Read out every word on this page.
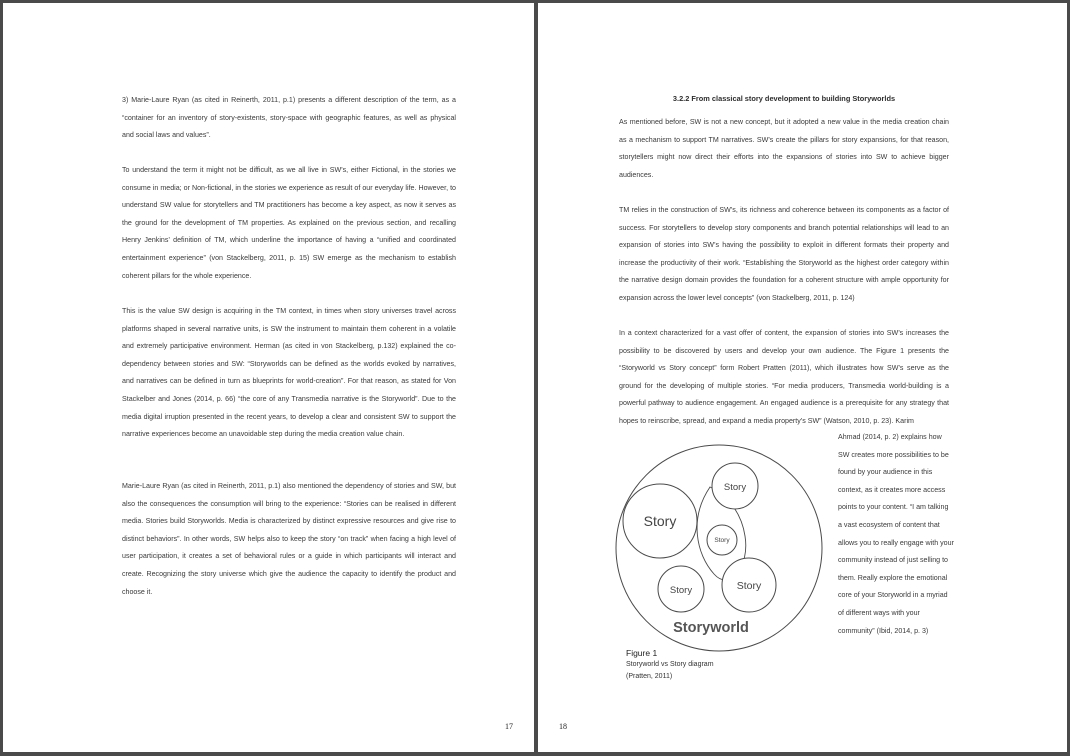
3) Marie-Laure Ryan (as cited in Reinerth, 2011, p.1) presents a different description of the term, as a “container for an inventory of story-existents, story-space with geographic features, as well as physical and social laws and values”.

To understand the term it might not be difficult, as we all live in SW’s, either Fictional, in the stories we consume in media; or Non-fictional, in the stories we experience as result of our everyday life. However, to understand SW value for storytellers and TM practitioners has become a key aspect, as now it serves as the ground for the development of TM properties. As explained on the previous section, and recalling Henry Jenkins’ definition of TM, which underline the importance of having a “unified and coordinated entertainment experience” (von Stackelberg, 2011, p. 15) SW emerge as the mechanism to establish coherent pillars for the whole experience.

This is the value SW design is acquiring in the TM context, in times when story universes travel across platforms shaped in several narrative units, is SW the instrument to maintain them coherent in a volatile and extremely participative environment. Herman (as cited in von Stackelberg, p.132) explained the co-dependency between stories and SW: “Storyworlds can be defined as the worlds evoked by narratives, and narratives can be defined in turn as blueprints for world-creation”. For that reason, as stated for Von Stackelber and Jones (2014, p. 66) “the core of any Transmedia narrative is the Storyworld”. Due to the media digital irruption presented in the recent years, to develop a clear and consistent SW to support the narrative experiences become an unavoidable step during the media creation value chain.

Marie-Laure Ryan (as cited in Reinerth, 2011, p.1) also mentioned the dependency of stories and SW, but also the consequences the consumption will bring to the experience: “Stories can be realised in different media. Stories build Storyworlds. Media is characterized by distinct expressive resources and give rise to distinct behaviors”. In other words, SW helps also to keep the story “on track” when facing a high level of user participation, it creates a set of behavioral rules or a guide in which participants will interact and create. Recognizing the story universe which give the audience the capacity to identify the product and choose it.

17

3.2.2 From classical story development to building Storyworlds

As mentioned before, SW is not a new concept, but it adopted a new value in the media creation chain as a mechanism to support TM narratives. SW’s create the pillars for story expansions, for that reason, storytellers might now direct their efforts into the expansions of stories into SW to achieve bigger audiences.

TM relies in the construction of SW’s, its richness and coherence between its components as a factor of success. For storytellers to develop story components and branch potential relationships will lead to an expansion of stories into SW’s having the possibility to exploit in different formats their property and increase the productivity of their work. “Establishing the Storyworld as the highest order category within the narrative design domain provides the foundation for a coherent structure with ample opportunity for expansion across the lower level concepts” (von Stackelberg, 2011, p. 124)

In a context characterized for a vast offer of content, the expansion of stories into SW’s increases the possibility to be discovered by users and develop your own audience. The Figure 1 presents the “Storyworld vs Story concept” form Robert Pratten (2011), which illustrates how SW’s serve as the ground for the developing of multiple stories. “For media producers, Transmedia world-building is a powerful pathway to audience engagement. An engaged audience is a prerequisite for any strategy that hopes to reinscribe, spread, and expand a media property’s SW” (Watson, 2010, p. 23). Karim

Ahmad (2014, p. 2) explains how SW creates more possibilities to be found by your audience in this context, as it creates more access points to your content. “I am talking a vast ecosystem of content that allows you to really engage with your community instead of just selling to them. Really explore the emotional core of your Storyworld in a myriad of different ways with your community” (Ibid, 2014, p. 3)

Story
Story
Story
Story	Story
Storyworld
Figure 1
Storyworld vs Story diagram
(Pratten, 2011)
18
